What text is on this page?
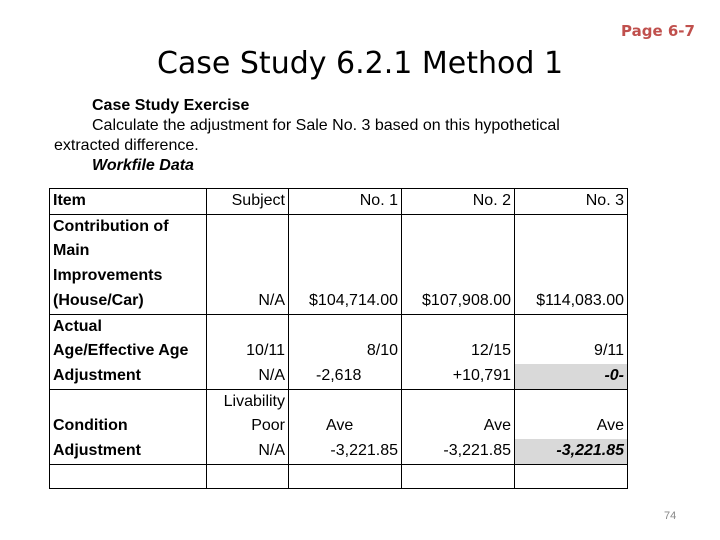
Page 6-7
Case Study 6.2.1 Method 1
Case Study Exercise
Calculate the adjustment for Sale No. 3 based on this hypothetical
extracted difference.
Workfile Data
Item	Subject	No. 1	No. 2	No. 3
Contribution of Main Improvements (House/Car)	N/A	$104,714.00	$107,908.00	$114,083.00
Actual Age/Effective Age	10/11	8/10	12/15	9/11
Adjustment	N/A	-2,618	+10,791	-0-
Condition	Livability Poor	Ave	Ave	Ave
Adjustment	N/A	-3,221.85	-3,221.85	-3,221.85

74
